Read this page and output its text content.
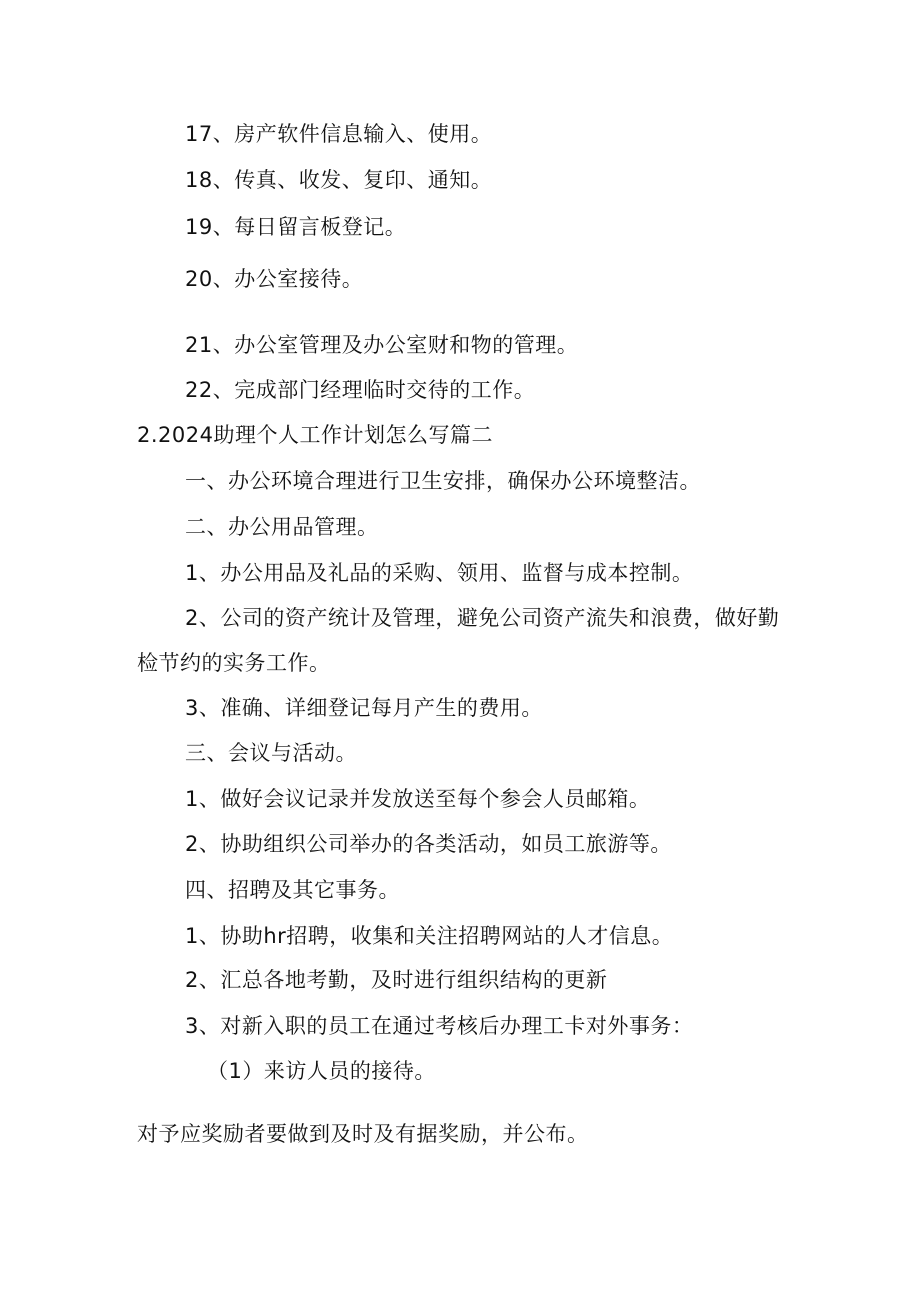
17、房产软件信息输入、使用。
18、传真、收发、复印、通知。
19、每日留言板登记。
20、办公室接待。
21、办公室管理及办公室财和物的管理。
22、完成部门经理临时交待的工作。
2.2024助理个人工作计划怎么写篇二
一、办公环境合理进行卫生安排，确保办公环境整洁。
二、办公用品管理。
1、办公用品及礼品的采购、领用、监督与成本控制。
2、公司的资产统计及管理，避免公司资产流失和浪费，做好勤
检节约的实务工作。
3、准确、详细登记每月产生的费用。
三、会议与活动。
1、做好会议记录并发放送至每个参会人员邮箱。
2、协助组织公司举办的各类活动，如员工旅游等。
四、招聘及其它事务。
1、协助hr招聘，收集和关注招聘网站的人才信息。
2、汇总各地考勤，及时进行组织结构的更新
3、对新入职的员工在通过考核后办理工卡对外事务：
（1）来访人员的接待。
对予应奖励者要做到及时及有据奖励，并公布。
